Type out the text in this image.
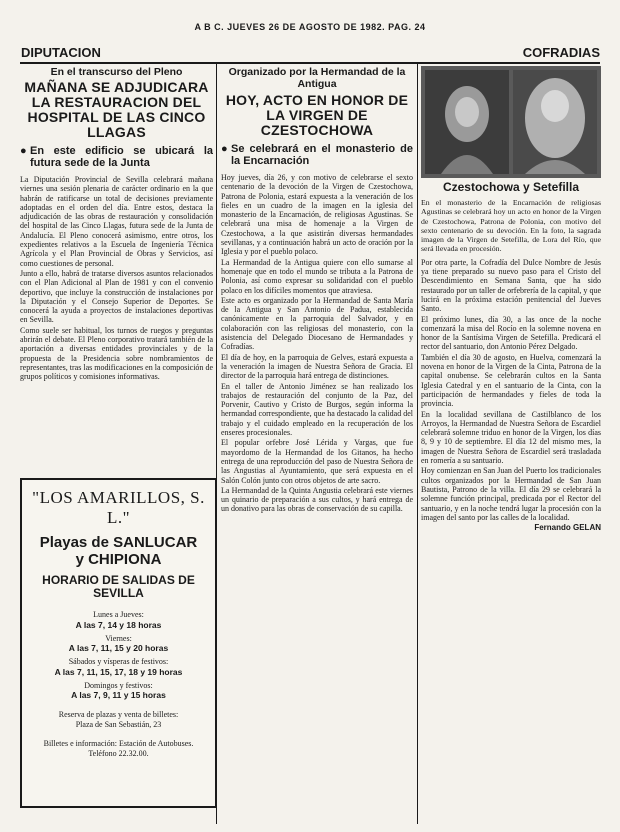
A B C. JUEVES 26 DE AGOSTO DE 1982. PAG. 24
DIPUTACION	COFRADIAS
En el transcurso del Pleno
MAÑANA SE ADJUDICARA LA RESTAURACION DEL HOSPITAL DE LAS CINCO LLAGAS
● En este edificio se ubicará la futura sede de la Junta

La Diputación Provincial de Sevilla celebrará mañana viernes una sesión plenaria de carácter ordinario en la que habrán de ratificarse un total de decisiones previamente adoptadas en el orden del día. Entre estos, destaca la adjudicación de las obras de restauración y consolidación del hospital de las Cinco Llagas, futura sede de la Junta de Andalucía. El Pleno conocerá asimismo, entre otros, los expedientes relativos a la Escuela de Ingeniería Técnica Agrícola y el Plan Provincial de Obras y Servicios, así como cuestiones de personal.

Junto a ello, habrá de tratarse diversos asuntos relacionados con el Plan Adicional al Plan de 1981 y con el convenio deportivo, que incluye la construcción de instalaciones por la Diputación y el Consejo Superior de Deportes. Se conocerá la ayuda a proyectos de instalaciones deportivas en Sevilla.

Como suele ser habitual, los turnos de ruegos y preguntas abrirán el debate. El Pleno corporativo tratará también de la aportación a diversas entidades provinciales y de la propuesta de la Presidencia sobre nombramientos de representantes, tras las modificaciones en la composición de grupos políticos y comisiones informativas.

"LOS AMARILLOS, S. L."
Playas de SANLUCAR
y CHIPIONA
HORARIO DE SALIDAS DE SEVILLA
Lunes a Jueves:
A las 7, 14 y 18 horas
Viernes:
A las 7, 11, 15 y 20 horas
Sábados y vísperas de festivos:
A las 7, 11, 15, 17, 18 y 19 horas
Domingos y festivos:
A las 7, 9, 11 y 15 horas
Reserva de plazas y venta de billetes:
Plaza de San Sebastián, 23
Billetes e información: Estación de Autobuses. Teléfono 22.32.00.
Organizado por la Hermandad de la Antigua
HOY, ACTO EN HONOR DE LA VIRGEN DE CZESTOCHOWA
● Se celebrará en el monasterio de la Encarnación

Hoy jueves, día 26, y con motivo de celebrarse el sexto centenario de la devoción de la Virgen de Czestochowa, Patrona de Polonia, estará expuesta a la veneración de los fieles en un cuadro de la imagen en la iglesia del monasterio de la Encarnación, de religiosas Agustinas. Se celebrará una misa de homenaje a la Virgen de Czestochowa, a la que asistirán diversas hermandades sevillanas, y a continuación habrá un acto de oración por la Iglesia y por el pueblo polaco.

La Hermandad de la Antigua quiere con ello sumarse al homenaje que en todo el mundo se tributa a la Patrona de Polonia, así como expresar su solidaridad con el pueblo polaco en los difíciles momentos que atraviesa.

Este acto es organizado por la Hermandad de Santa María de la Antigua y San Antonio de Padua, establecida canónicamente en la parroquia del Salvador, y en colaboración con las religiosas del monasterio, con la asistencia del Delegado Diocesano de Hermandades y Cofradías.

El día de hoy, en la parroquia de Gelves, estará expuesta a la veneración la imagen de Nuestra Señora de Gracia. El director de la parroquia hará entrega de distinciones.

En el taller de Antonio Jiménez se han realizado los trabajos de restauración del conjunto de la Paz, del Porvenir, Cautivo y Cristo de Burgos, según informa la hermandad correspondiente, que ha destacado la calidad del trabajo y el cuidado empleado en la recuperación de los enseres procesionales.

El popular orfebre José Lérida y Vargas, que fue mayordomo de la Hermandad de los Gitanos, ha hecho entrega de una reproducción del paso de Nuestra Señora de las Angustias al Ayuntamiento, que será expuesta en el Salón Colón junto con otros objetos de arte sacro.

La Hermandad de la Quinta Angustia celebrará este viernes un quinario de preparación a sus cultos, y hará entrega de un donativo para las obras de conservación de su capilla.

Czestochowa y Setefilla

En el monasterio de la Encarnación de religiosas Agustinas se celebrará hoy un acto en honor de la Virgen de Czestochowa, Patrona de Polonia, con motivo del sexto centenario de su devoción. En la foto, la sagrada imagen de la Virgen de Setefilla, de Lora del Río, que será llevada en procesión.

Por otra parte, la Cofradía del Dulce Nombre de Jesús ya tiene preparado su nuevo paso para el Cristo del Descendimiento en Semana Santa, que ha sido restaurado por un taller de orfebrería de la capital, y que lucirá en la próxima estación penitencial del Jueves Santo.

El próximo lunes, día 30, a las once de la noche comenzará la misa del Rocío en la solemne novena en honor de la Santísima Virgen de Setefilla. Predicará el rector del santuario, don Antonio Pérez Delgado.

También el día 30 de agosto, en Huelva, comenzará la novena en honor de la Virgen de la Cinta, Patrona de la capital onubense. Se celebrarán cultos en la Santa Iglesia Catedral y en el santuario de la Cinta, con la participación de hermandades y fieles de toda la provincia.

En la localidad sevillana de Castilblanco de los Arroyos, la Hermandad de Nuestra Señora de Escardiel celebrará solemne triduo en honor de la Virgen, los días 8, 9 y 10 de septiembre. El día 12 del mismo mes, la imagen de Nuestra Señora de Escardiel será trasladada en romería a su santuario.

Hoy comienzan en San Juan del Puerto los tradicionales cultos organizados por la Hermandad de San Juan Bautista, Patrono de la villa. El día 29 se celebrará la solemne función principal, predicada por el Rector del santuario, y en la noche tendrá lugar la procesión con la imagen del santo por las calles de la localidad.

Fernando GELAN
